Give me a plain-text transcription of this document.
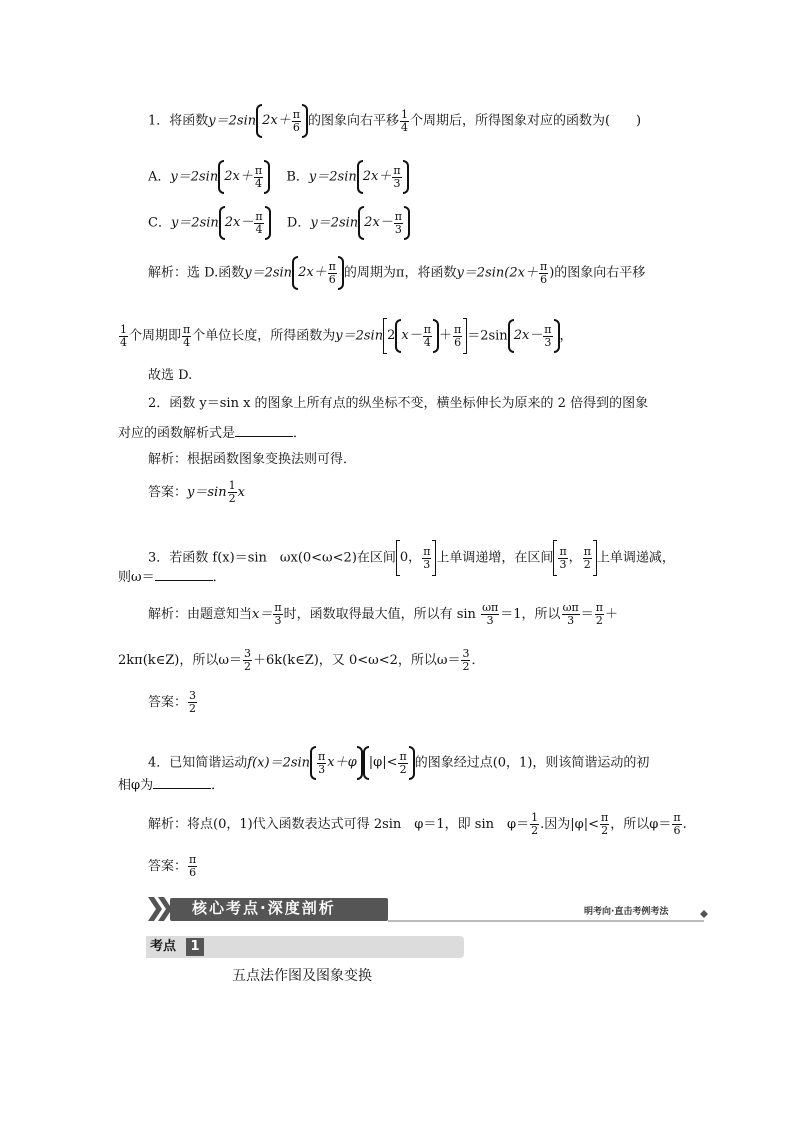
1．将函数y＝2sin $2x+ \frac{\pi}{6}$ 的图象向右平移 $\frac{1}{4}$ 个周期后，所得图象对应的函数为(　　)
A．y＝2sin $2x+ \frac{\pi}{4}$ B．y＝2sin $2x+ \frac{\pi}{3}$
C．y＝2sin $2x- \frac{\pi}{4}$ D．y＝2sin $2x- \frac{\pi}{3}$
解析：选 D.函数y＝2sin $2x+ \frac{\pi}{6}$ 的周期为π，将函数$y=2\sin(2x+ \frac{\pi}{6}$ )的图象向右平移
$\frac{1}{4}$ 个周期即 $\frac{\pi}{4}$ 个单位长度，所得函数为y＝2sin 2 $x- \frac{\pi}{4} + \frac{\pi}{6} =2\sin$ $2x- \frac{\pi}{3}$ ，
故选 D.
2．函数 y＝sin x 的图象上所有点的纵坐标不变，横坐标伸长为原来的 2 倍得到的图象
对应的函数解析式是	．
解析：根据函数图象变换法则可得．
答案：$y=\sin \frac{1}{2}$ x
3．若函数 f(x)＝sin　ωx(0<ω<2)在区间 0， $\frac{\pi}{3}$ 上单调递增，在区间 $\frac{\pi}{3}$ ， $\frac{\pi}{2}$ 上单调递减，
则ω＝	．
解析：由题意知当$x= \frac{\pi}{3}$ 时，函数取得最大值，所以有 $\sin \frac{\omega\pi}{3} =1$，所以 $\frac{\omega\pi}{3} = \frac{\pi}{2}$ ＋
2kπ(k∈Z)，所以$\omega= \frac{3}{2}$ ＋6k(k∈Z)，又 0<ω<2，所以$\omega= \frac{3}{2}$ ．
答案： $\frac{3}{2}$
4．已知简谐运动$f(x)=2\sin \frac{\pi}{3} x+\varphi$ $|\varphi|< \frac{\pi}{2}$ 的图象经过点(0，1)，则该简谐运动的初
相φ为	．
解析：将点(0，1)代入函数表达式可得 2sin　φ＝1，即 sin　$\varphi= \frac{1}{2}$ .因为$|\varphi|< \frac{\pi}{2}$ ，所以$\varphi= \frac{\pi}{6}$ .
答案： $\frac{\pi}{6}$
核心考点·深度剖析	明考向·直击考例考法
考点	1
五点法作图及图象变换
